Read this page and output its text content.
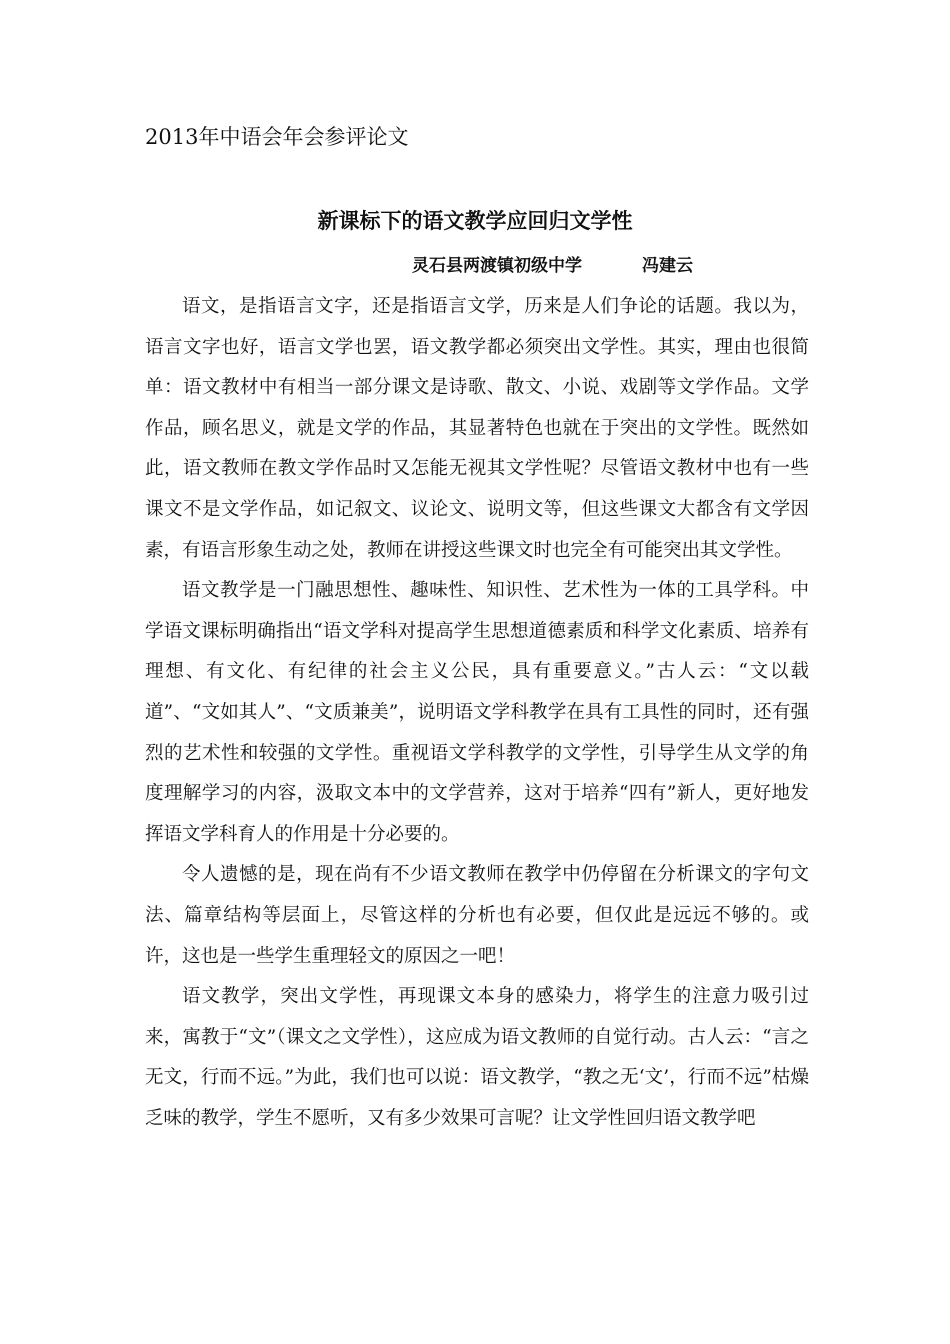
2013年中语会年会参评论文
新课标下的语文教学应回归文学性
灵石县两渡镇初级中学	冯建云

语文，是指语言文字，还是指语言文学，历来是人们争论的话题。我以为，语言文字也好，语言文学也罢，语文教学都必须突出文学性。其实，理由也很简单：语文教材中有相当一部分课文是诗歌、散文、小说、戏剧等文学作品。文学作品，顾名思义，就是文学的作品，其显著特色也就在于突出的文学性。既然如此，语文教师在教文学作品时又怎能无视其文学性呢？尽管语文教材中也有一些课文不是文学作品，如记叙文、议论文、说明文等，但这些课文大都含有文学因素，有语言形象生动之处，教师在讲授这些课文时也完全有可能突出其文学性。

语文教学是一门融思想性、趣味性、知识性、艺术性为一体的工具学科。中学语文课标明确指出“语文学科对提高学生思想道德素质和科学文化素质、培养有理想、有文化、有纪律的社会主义公民，具有重要意义。”古人云：“文以载道”、“文如其人”、“文质兼美”，说明语文学科教学在具有工具性的同时，还有强烈的艺术性和较强的文学性。重视语文学科教学的文学性，引导学生从文学的角度理解学习的内容，汲取文本中的文学营养，这对于培养“四有”新人，更好地发挥语文学科育人的作用是十分必要的。

令人遗憾的是，现在尚有不少语文教师在教学中仍停留在分析课文的字句文法、篇章结构等层面上，尽管这样的分析也有必要，但仅此是远远不够的。或许，这也是一些学生重理轻文的原因之一吧！

语文教学，突出文学性，再现课文本身的感染力，将学生的注意力吸引过来，寓教于“文”（课文之文学性），这应成为语文教师的自觉行动。古人云：“言之无文，行而不远。”为此，我们也可以说：语文教学，“教之无‘文’，行而不远”枯燥乏味的教学，学生不愿听，又有多少效果可言呢？让文学性回归语文教学吧
